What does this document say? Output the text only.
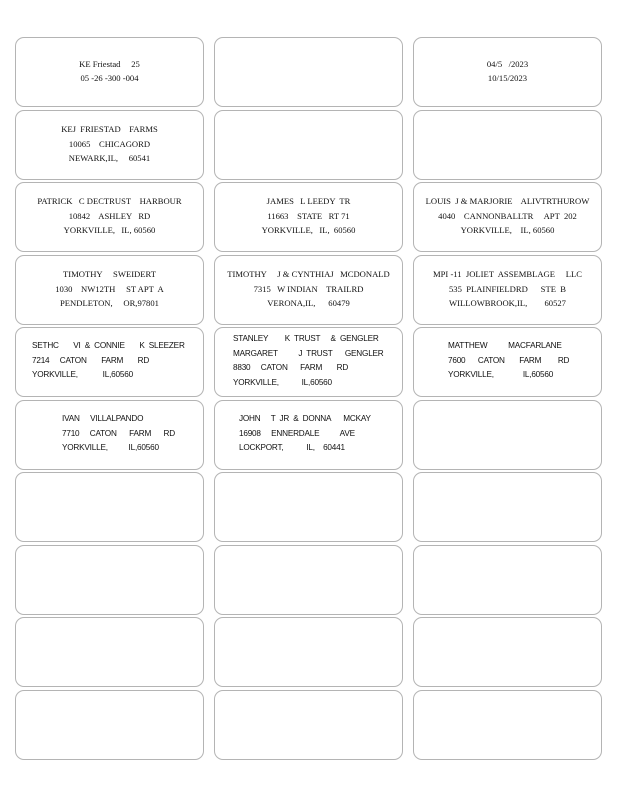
KE Friestad     25
05 -26 -300 -004
04/5   /2023
10/15/2023
KEJ  FRIESTAD    FARMS
10065    CHICAGORD
NEWARK,IL,     60541
PATRICK   C DECTRUST    HARBOUR
10842    ASHLEY   RD
YORKVILLE,   IL, 60560
JAMES   L LEEDY  TR
11663    STATE   RT 71
YORKVILLE,   IL,  60560
LOUIS  J & MARJORIE    ALIVTRTHUROW
4040    CANNONBALLTR     APT  202
YORKVILLE,    IL, 60560
TIMOTHY     SWEIDERT
1030    NW12TH     ST APT  A
PENDLETON,     OR,97801
TIMOTHY     J & CYNTHIAJ   MCDONALD
7315   W INDIAN    TRAILRD
VERONA,IL,      60479
MPI -11  JOLIET  ASSEMBLAGE     LLC
535  PLAINFIELDRD      STE  B
WILLOWBROOK,IL,        60527
SETHC       VI  &  CONNIE       K  SLEEZER
7214     CATON       FARM       RD
YORKVILLE,            IL,60560
STANLEY        K  TRUST     &  GENGLER
MARGARET          J  TRUST      GENGLER
8830     CATON      FARM       RD
YORKVILLE,           IL,60560
MATTHEW          MACFARLANE
7600      CATON       FARM        RD
YORKVILLE,              IL,60560
IVAN     VILLALPANDO
7710     CATON      FARM      RD
YORKVILLE,          IL,60560
JOHN     T  JR  &  DONNA      MCKAY
16908     ENNERDALE          AVE
LOCKPORT,           IL,    60441
